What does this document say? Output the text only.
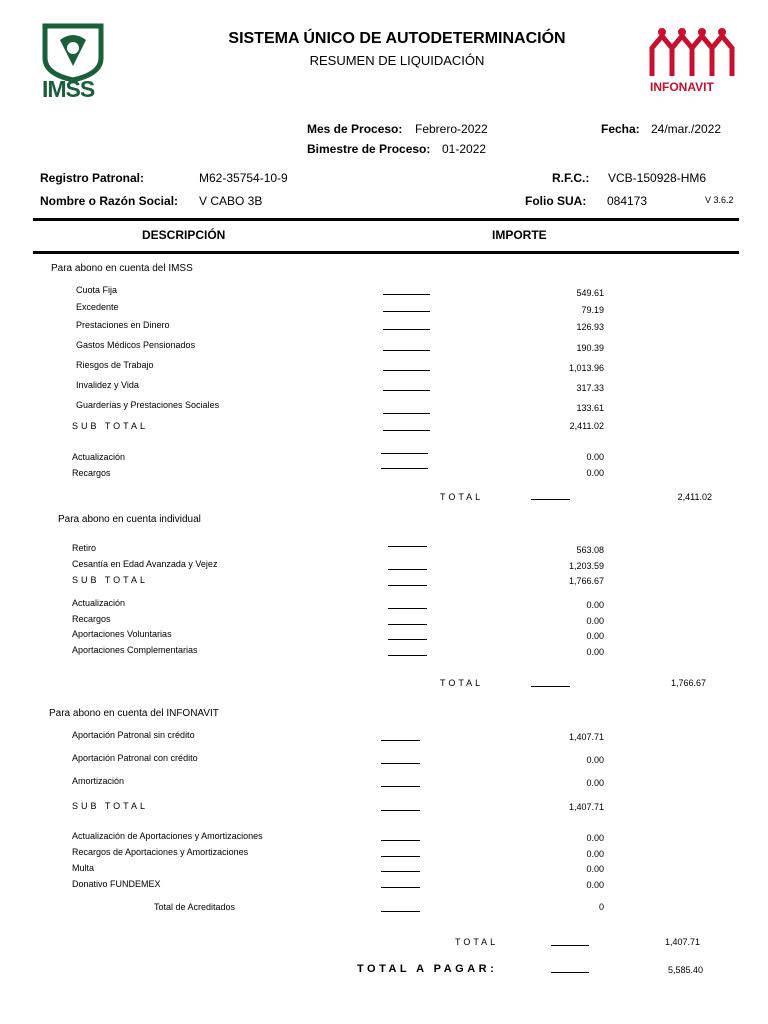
IMSS
SISTEMA ÚNICO DE AUTODETERMINACIÓN
RESUMEN DE LIQUIDACIÓN
INFONAVIT
Mes de Proceso: Febrero-2022	Fecha: 24/mar./2022
Bimestre de Proceso: 01-2022
Registro Patronal:	M62-35754-10-9	R.F.C.: VCB-150928-HM6
Nombre o Razón Social: V CABO 3B	Folio SUA: 084173	V 3.6.2
DESCRIPCIÓN	IMPORTE
Para abono en cuenta del IMSS
Cuota Fija	549.61
Excedente	79.19
Prestaciones en Dinero	126.93
Gastos Médicos Pensionados	190.39
Riesgos de Trabajo	1,013.96
Invalidez y Vida	317.33
Guarderías y Prestaciones Sociales	133.61
SUB TOTAL	2,411.02
Actualización	0.00
Recargos	0.00
TOTAL	2,411.02
Para abono en cuenta individual
Retiro	563.08
Cesantía en Edad Avanzada y Vejez	1,203.59
SUB TOTAL	1,766.67
Actualización	0.00
Recargos	0.00
Aportaciones Voluntarias	0.00
Aportaciones Complementarias	0.00
TOTAL	1,766.67
Para abono en cuenta del INFONAVIT
Aportación Patronal sin crédito	1,407.71
Aportación Patronal con crédito	0.00
Amortización	0.00
SUB TOTAL	1,407.71
Actualización de Aportaciones y Amortizaciones	0.00
Recargos de Aportaciones y Amortizaciones	0.00
Multa	0.00
Donativo FUNDEMEX	0.00
Total de Acreditados	0
TOTAL	1,407.71
TOTAL A PAGAR:	5,585.40
